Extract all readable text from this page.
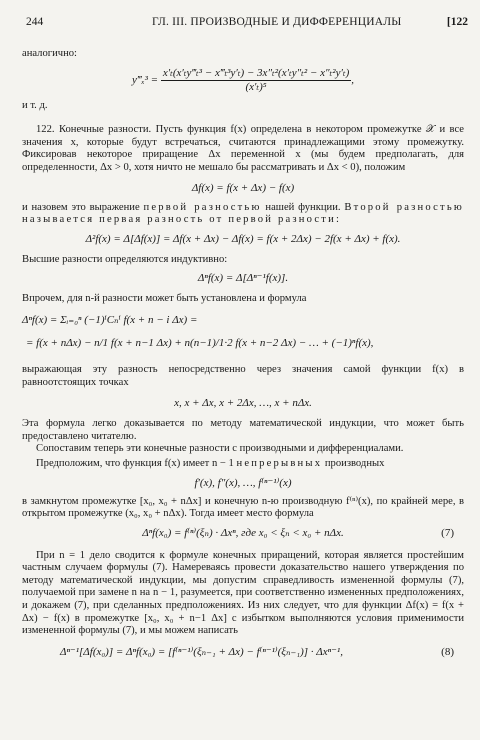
244	ГЛ. III. ПРОИЗВОДНЫЕ И ДИФФЕРЕНЦИАЛЫ	[122

аналогично:

y‴ₓ³ = $\frac{\text{x′ₜ(x′ₜy‴ₜ³ − x‴ₜ³y′ₜ) − 3x″ₜ²(x′ₜy″ₜ² − x″ₜ²y′ₜ)}}{\text{(x′ₜ)⁵}}$ ,

и т. д.

122. Конечные разности. Пусть функция f(x) определена в некотором промежутке 𝒳 и все значения x, которые будут встречаться, считаются принадлежащими этому промежутку. Фиксировав некоторое приращение Δx переменной x (мы будем предполагать, для определенности, Δx > 0, хотя ничто не мешало бы рассматривать и Δx < 0), положим

Δf(x) = f(x + Δx) − f(x)

и назовем это выражение первой разностью нашей функции. Второй разностью называется первая разность от первой разности:

Δ²f(x) = Δ[Δf(x)] = Δf(x + Δx) − Δf(x) = f(x + 2Δx) − 2f(x + Δx) + f(x).

Высшие разности определяются индуктивно:

Δⁿf(x) = Δ[Δⁿ⁻¹f(x)].

Впрочем, для n-й разности может быть установлена и формула

Δⁿf(x) = Σᵢ₌₀ⁿ (−1)ⁱCₙⁱ f(x + n − i Δx) =
= f(x + nΔx) − n/1 f(x + n−1 Δx) + n(n−1)/1·2 f(x + n−2 Δx) − … + (−1)ⁿf(x),

выражающая эту разность непосредственно через значения самой функции f(x) в равноотстоящих точках

x, x + Δx, x + 2Δx, …, x + nΔx.

Эта формула легко доказывается по методу математической индукции, что может быть предоставлено читателю.

Сопоставим теперь эти конечные разности с производными и дифференциалами.

Предположим, что функция f(x) имеет n − 1 непрерывных производных

f′(x), f″(x), …, f⁽ⁿ⁻¹⁾(x)

в замкнутом промежутке [x₀, x₀ + nΔx] и конечную n-ю производную f⁽ⁿ⁾(x), по крайней мере, в открытом промежутке (x₀, x₀ + nΔx). Тогда имеет место формула

Δⁿf(x₀) = f⁽ⁿ⁾(ξₙ) · Δxⁿ, где x₀ < ξₙ < x₀ + nΔx.	(7)

При n = 1 дело сводится к формуле конечных приращений, которая является простейшим частным случаем формулы (7). Намереваясь провести доказательство нашего утверждения по методу математической индукции, мы допустим справедливость измененной формулы (7), получаемой при замене n на n − 1, разумеется, при соответственно измененных предположениях, и докажем (7), при сделанных предположениях. Из них следует, что для функции Δf(x) = f(x + Δx) − f(x) в промежутке [x₀, x₀ + n−1 Δx] с избытком выполняются условия применимости измененной формулы (7), и мы можем написать

Δⁿ⁻¹[Δf(x₀)] = Δⁿf(x₀) = [f⁽ⁿ⁻¹⁾(ξₙ₋₁ + Δx) − f⁽ⁿ⁻¹⁾(ξₙ₋₁)] · Δxⁿ⁻¹,	(8)
